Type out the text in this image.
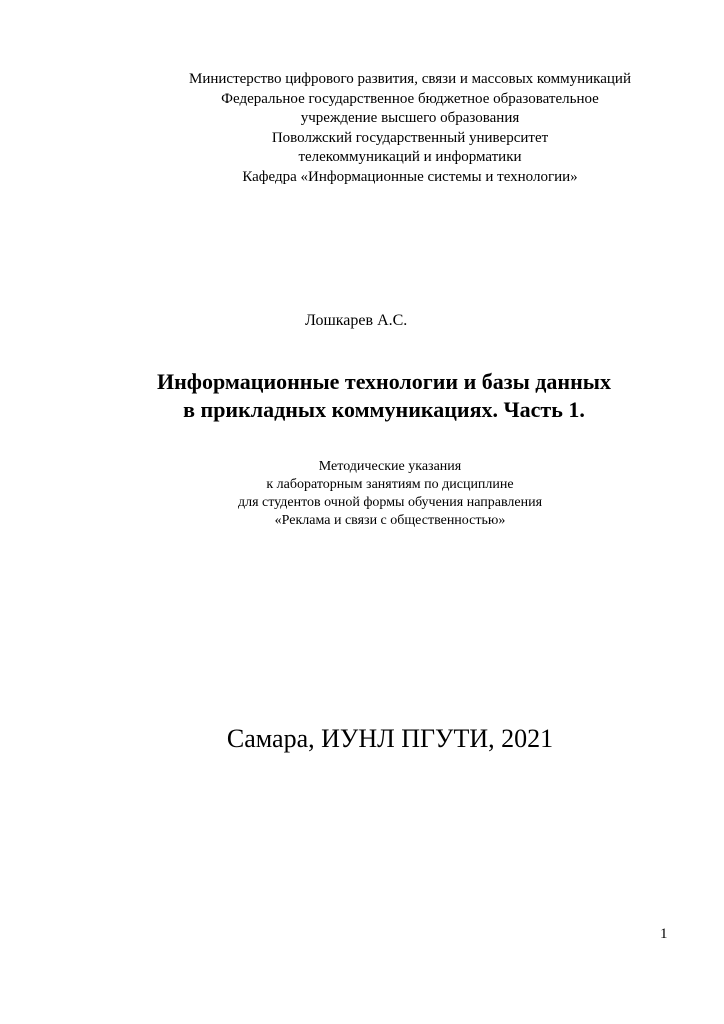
Министерство цифрового развития, связи и массовых коммуникаций
Федеральное государственное бюджетное образовательное
учреждение высшего образования
Поволжский государственный университет
телекоммуникаций и информатики
Кафедра «Информационные системы и технологии»
Лошкарев А.С.
Информационные технологии и базы данных
в прикладных коммуникациях. Часть 1.
Методические указания
к лабораторным занятиям по дисциплине
для студентов очной формы обучения направления
«Реклама и связи с общественностью»
Самара, ИУНЛ ПГУТИ, 2021
1
